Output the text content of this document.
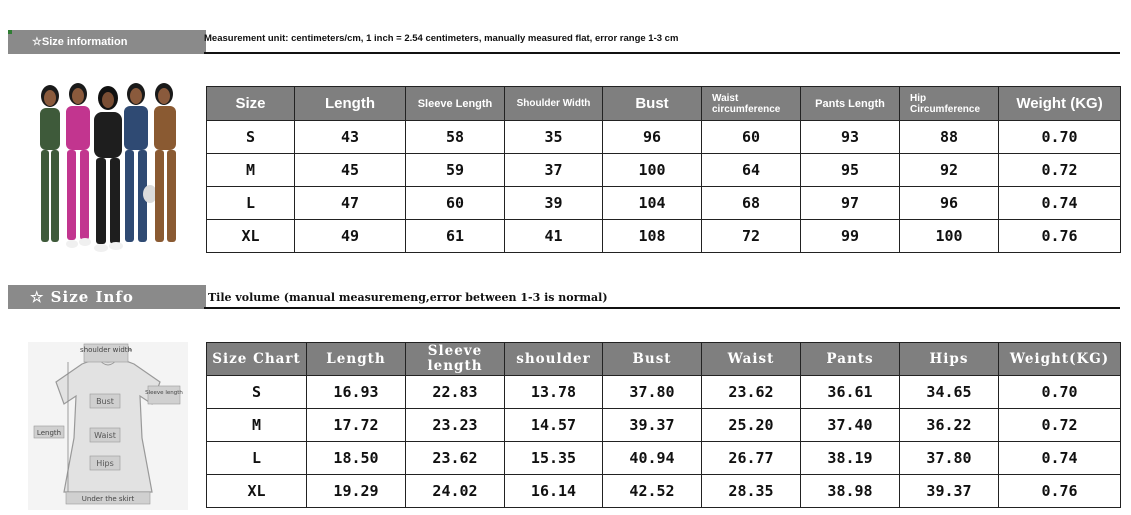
☆Size information	Measurement unit: centimeters/cm, 1 inch = 2.54 centimeters, manually measured flat, error range 1-3 cm
Size	Length	Sleeve Length	Shoulder Width	Bust	Waist circumference	Pants Length	Hip Circumference	Weight (KG)
S	43	58	35	96	60	93	88	0.70
M	45	59	37	100	64	95	92	0.72
L	47	60	39	104	68	97	96	0.74
XL	49	61	41	108	72	99	100	0.76
☆ Size Info	Tile volume (manual measuremeng,error between 1-3 is normal)
shoulder width
Sleeve length
Bust
Length	Waist
Hips
Under the skirt
Size Chart	Length	Sleeve length	shoulder	Bust	Waist	Pants	Hips	Weight(KG)
S	16.93	22.83	13.78	37.80	23.62	36.61	34.65	0.70
M	17.72	23.23	14.57	39.37	25.20	37.40	36.22	0.72
L	18.50	23.62	15.35	40.94	26.77	38.19	37.80	0.74
XL	19.29	24.02	16.14	42.52	28.35	38.98	39.37	0.76
